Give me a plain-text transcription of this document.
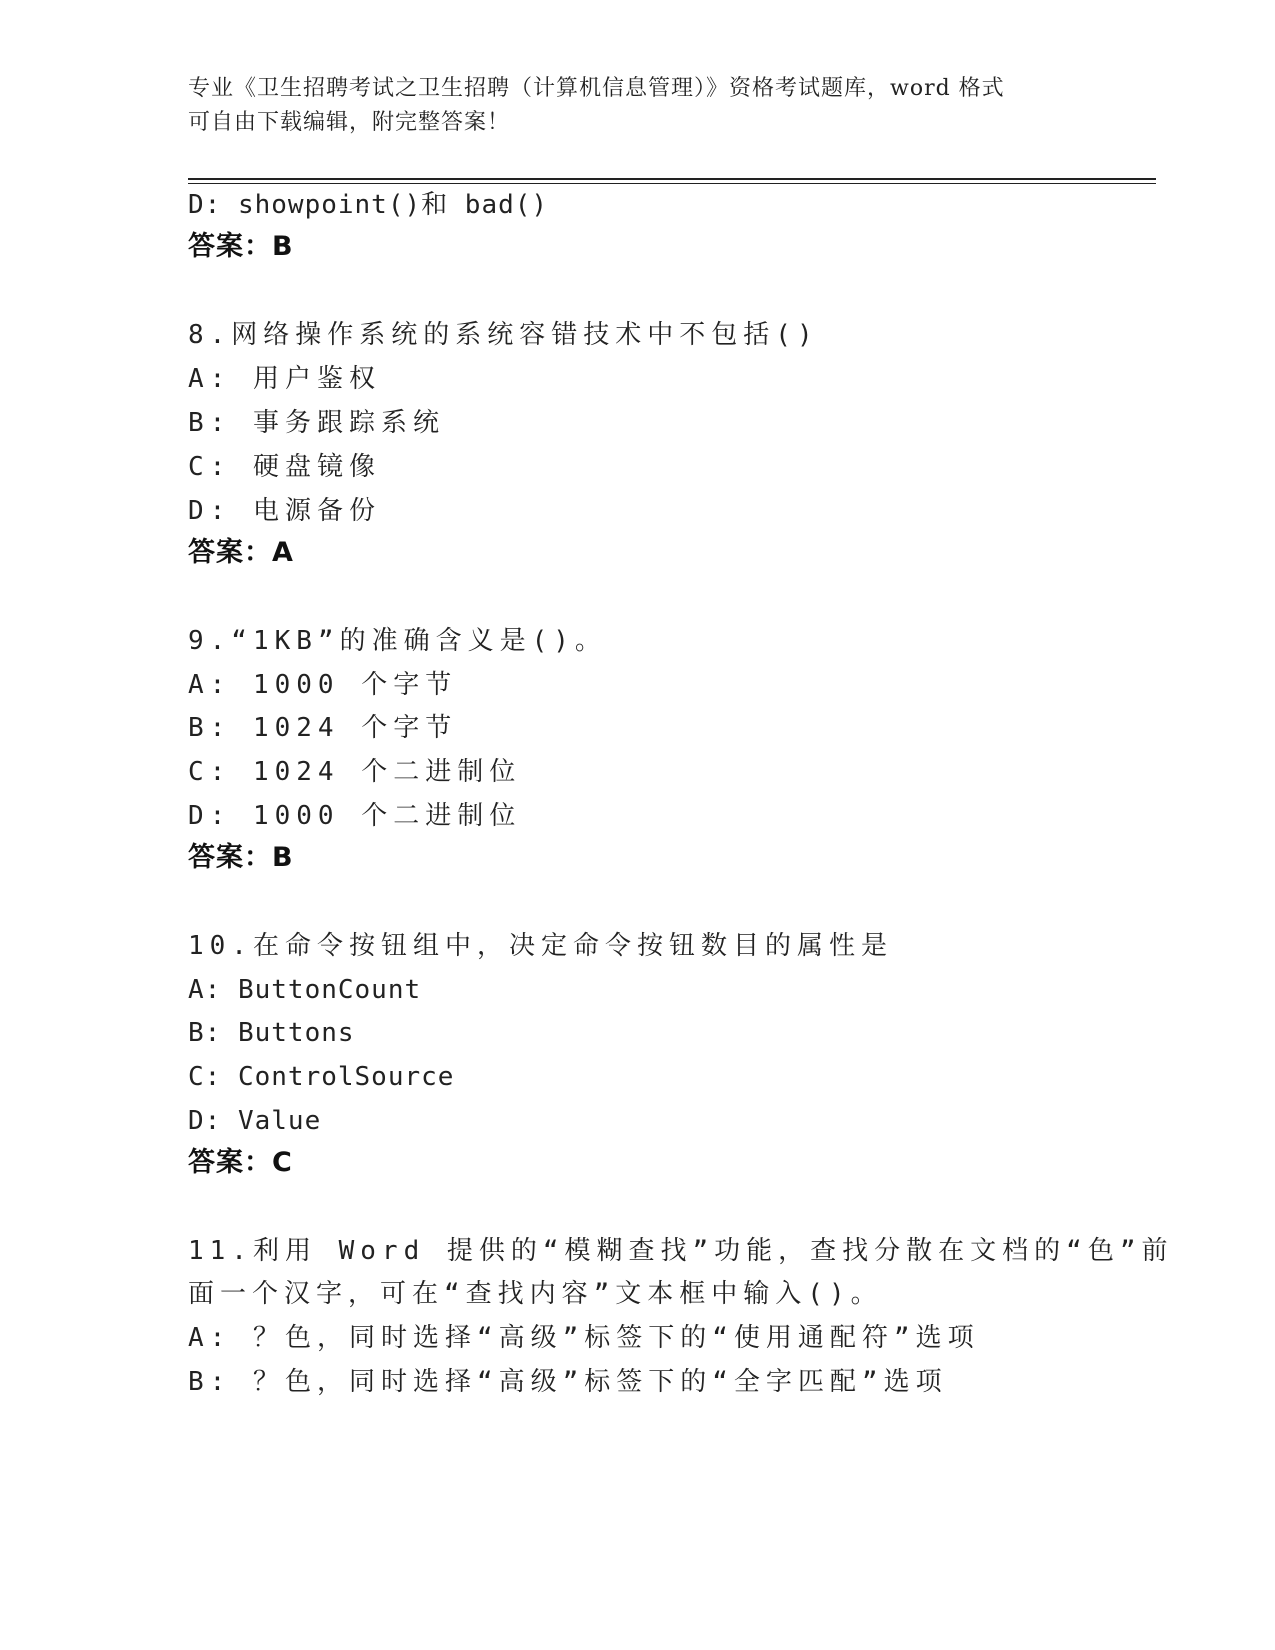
专业《卫生招聘考试之卫生招聘（计算机信息管理）》资格考试题库，word 格式
可自由下载编辑，附完整答案！
D: showpoint()和 bad()
答案：B
8.网络操作系统的系统容错技术中不包括()
A: 用户鉴权
B: 事务跟踪系统
C: 硬盘镜像
D: 电源备份
答案：A
9.“1KB”的准确含义是()。
A: 1000 个字节
B: 1024 个字节
C: 1024 个二进制位
D: 1000 个二进制位
答案：B
10.在命令按钮组中，决定命令按钮数目的属性是
A: ButtonCount
B: Buttons
C: ControlSource
D: Value
答案：C
11.利用 Word 提供的“模糊查找”功能，查找分散在文档的“色”前
面一个汉字，可在“查找内容”文本框中输入()。
A: ？色，同时选择“高级”标签下的“使用通配符”选项
B: ？色，同时选择“高级”标签下的“全字匹配”选项
